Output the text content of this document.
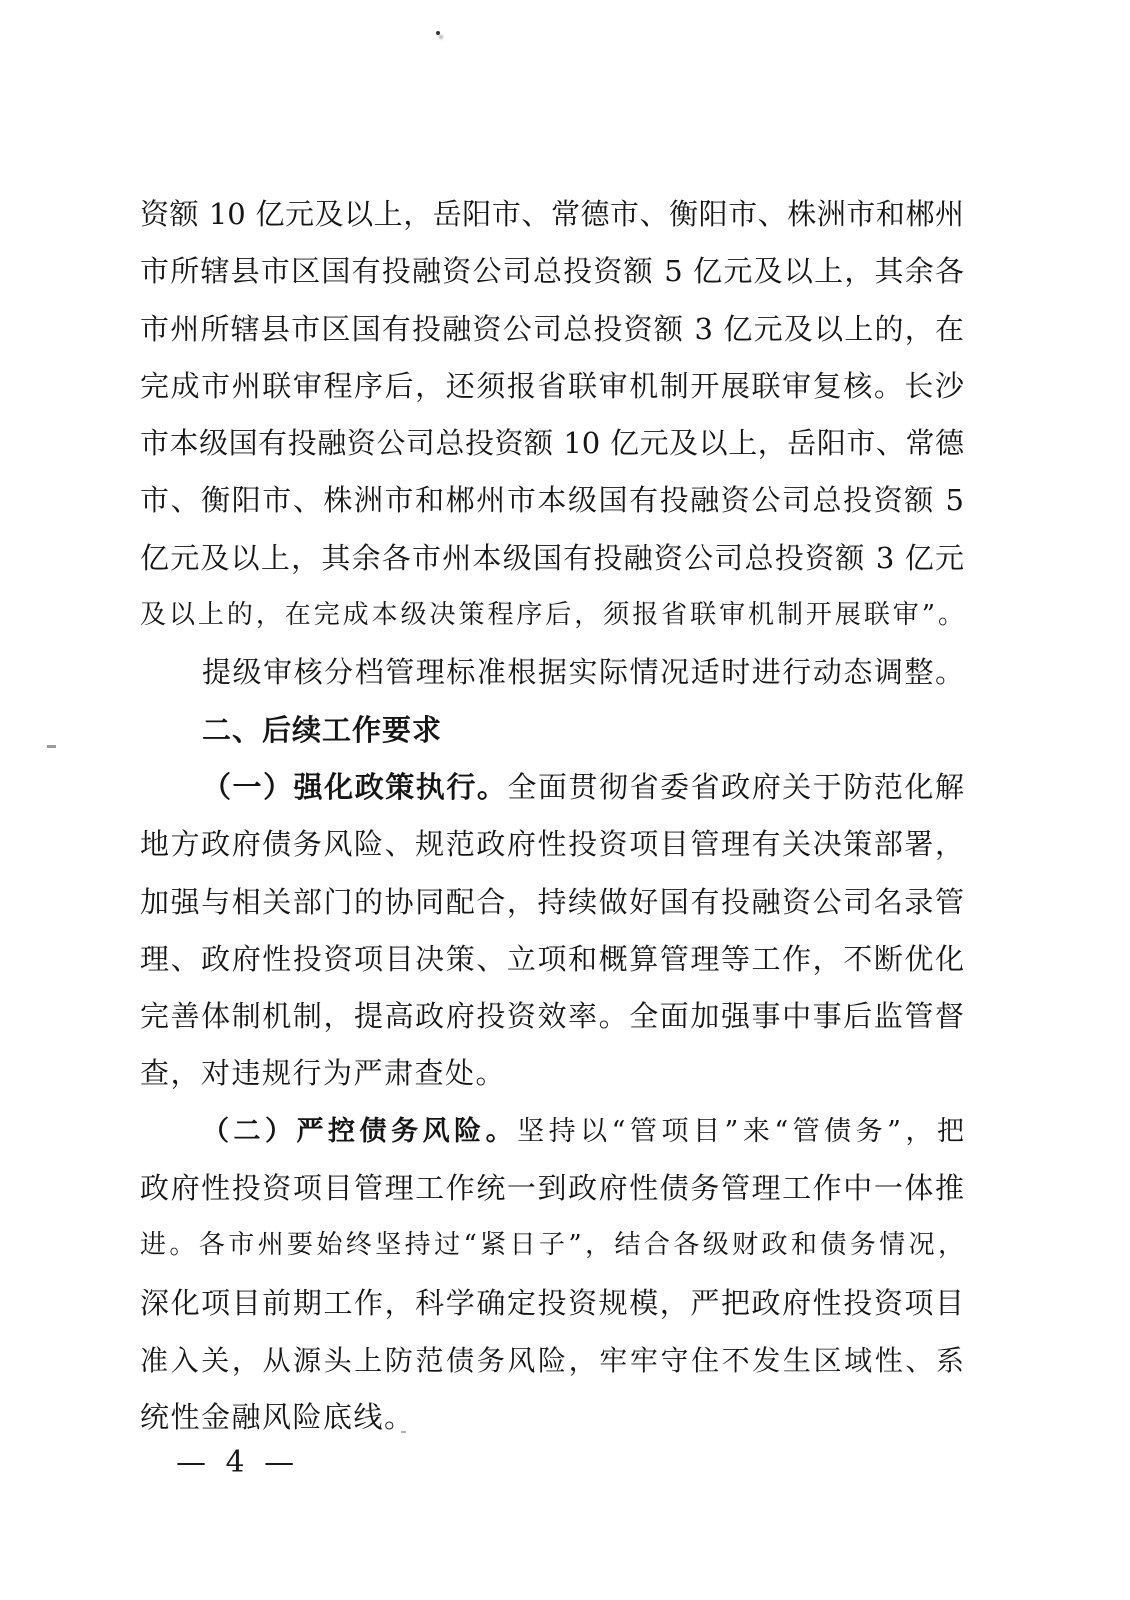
资额 10 亿元及以上，岳阳市、常德市、衡阳市、株洲市和郴州
市所辖县市区国有投融资公司总投资额 5 亿元及以上，其余各
市州所辖县市区国有投融资公司总投资额 3 亿元及以上的，在
完成市州联审程序后，还须报省联审机制开展联审复核。长沙
市本级国有投融资公司总投资额 10 亿元及以上，岳阳市、常德
市、衡阳市、株洲市和郴州市本级国有投融资公司总投资额 5
亿元及以上，其余各市州本级国有投融资公司总投资额 3 亿元
及以上的，在完成本级决策程序后，须报省联审机制开展联审”。
提级审核分档管理标准根据实际情况适时进行动态调整。
二、后续工作要求
（一）强化政策执行。全面贯彻省委省政府关于防范化解
地方政府债务风险、规范政府性投资项目管理有关决策部署，
加强与相关部门的协同配合，持续做好国有投融资公司名录管
理、政府性投资项目决策、立项和概算管理等工作，不断优化
完善体制机制，提高政府投资效率。全面加强事中事后监管督
查，对违规行为严肃查处。
（二）严控债务风险。坚持以“管项目”来“管债务”，把
政府性投资项目管理工作统一到政府性债务管理工作中一体推
进。各市州要始终坚持过“紧日子”，结合各级财政和债务情况，
深化项目前期工作，科学确定投资规模，严把政府性投资项目
准入关，从源头上防范债务风险，牢牢守住不发生区域性、系
统性金融风险底线。
— 4 —
